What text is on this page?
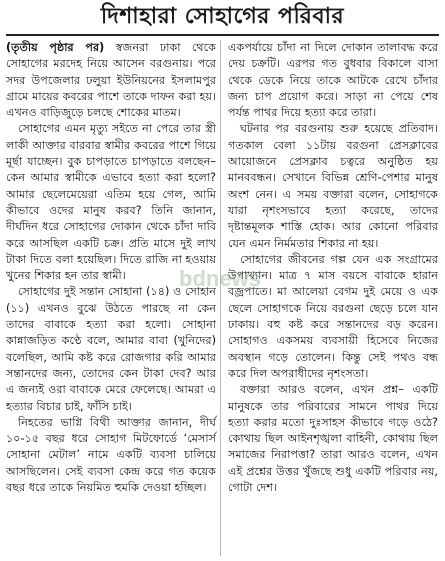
দিশাহারা সোহাগের পরিবার

(তৃতীয় পৃষ্ঠার পর) স্বজনরা ঢাকা থেকে সোহাগের মরদেহ নিয়ে আসেন বরগুনায়। পরে সদর উপজেলার ঢলুয়া ইউনিয়নের ইসলামপুর গ্রামে মায়ের কবরের পাশে তাকে দাফন করা হয়। এখনও বাড়িজুড়ে চলছে শোকের মাতম।

সোহাগের এমন মৃত্যু সইতে না পেরে তার স্ত্রী লাকী আক্তার বারবার স্বামীর কবরের পাশে গিয়ে মূর্ছা যাচ্ছেন। বুক চাপড়াতে চাপড়াতে বলছেন– কেন আমার স্বামীকে এভাবে হত্যা করা হলো? আমার ছেলেমেয়েরা এতিম হয়ে গেল, আমি কীভাবে ওদের মানুষ করব? তিনি জানান, দীর্ঘদিন ধরে সোহাগের দোকান থেকে চাঁদা দাবি করে আসছিল একটি চক্র। প্রতি মাসে দুই লাখ টাকা দিতে বলা হয়েছিল। দিতে রাজি না হওয়ায় খুনের শিকার হন তার স্বামী।

সোহাগের দুই সন্তান সোহানা (১৪) ও সোহান (১১) এখনও বুঝে উঠতে পারছে না কেন তাদের বাবাকে হত্যা করা হলো। সোহানা কান্নাজড়িত কণ্ঠে বলে, আমার বাবা (খুনিদের) বলেছিল, আমি কষ্ট করে রোজগার করি আমার সন্তানদের জন্য, তোদের কেন টাকা দেব? আর এ জন্যই ওরা বাবাকে মেরে ফেলেছে। আমরা এ হত্যার বিচার চাই, ফাঁসি চাই।

নিহতের ভাগ্নি বিথী আক্তার জানান, দীর্ঘ ১০-১৫ বছর ধরে সোহাগ মিটফোর্ডে ‘মেসার্স সোহানা মেটাল’ নামে একটি ব্যবসা চালিয়ে আসছিলেন। সেই ব্যবসা কেন্দ্র করে গত কয়েক বছর ধরে তাকে নিয়মিত হুমকি দেওয়া হচ্ছিল।

একপর্যায়ে চাঁদা না দিলে দোকান তালাবদ্ধ করে দেয় চক্রটি। এরপর গত বুধবার বিকালে বাসা থেকে ডেকে নিয়ে তাকে আটকে রেখে চাঁদার জন্য চাপ প্রয়োগ করে। সাড়া না পেয়ে শেষ পর্যন্ত পাথর দিয়ে হত্যা করে তারা।

ঘটনার পর বরগুনায় শুরু হয়েছে প্রতিবাদ। গতকাল বেলা ১১টায় বরগুনা প্রেসক্লাবের আয়োজনে প্রেসক্লাব চত্বরে অনুষ্ঠিত হয় মানববন্ধন। সেখানে বিভিন্ন শ্রেণি-পেশার মানুষ অংশ নেন। এ সময় বক্তারা বলেন, সোহাগকে যারা নৃশংসভাবে হত্যা করেছে, তাদের দৃষ্টান্তমূলক শাস্তি হোক। আর কোনো পরিবার যেন এমন নির্মমতার শিকার না হয়।

সোহাগের জীবনের গল্প যেন এক সংগ্রামের উপাখ্যান। মাত্র ৭ মাস বয়সে বাবাকে হারান বজ্রপাতে। মা আলেয়া বেগম দুই মেয়ে ও এক ছেলে সোহাগকে নিয়ে বরগুনা ছেড়ে চলে যান ঢাকায়। বহু কষ্ট করে সন্তানদের বড় করেন। সোহাগও একসময় ব্যবসায়ী হিসেবে নিজের অবস্থান গড়ে তোলেন। কিন্তু সেই পথও বন্ধ করে দিল অপরাধীদের নৃশংসতা।

বক্তারা আরও বলেন, এখন প্রশ্ন– একটি মানুষকে তার পরিবারের সামনে পাথর দিয়ে হত্যা করার মতো দুঃসাহস কীভাবে গড়ে ওঠে? কোথায় ছিল আইনশৃঙ্খলা বাহিনী, কোথায় ছিল সমাজের নিরাপত্তা? তারা আরও বলেন, এখন এই প্রশ্নের উত্তর খুঁজছে শুধু একটি পরিবার নয়, গোটা দেশ।

bdnews
